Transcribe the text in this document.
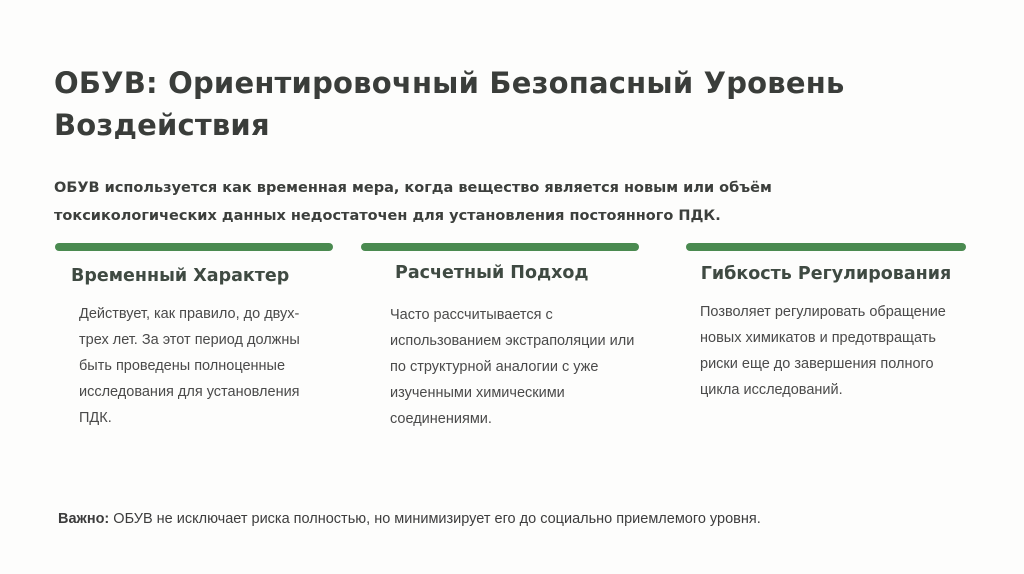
ОБУВ: Ориентировочный Безопасный Уровень Воздействия

ОБУВ используется как временная мера, когда вещество является новым или объём токсикологических данных недостаточен для установления постоянного ПДК.

Временный Характер

Действует, как правило, до двух-трех лет. За этот период должны быть проведены полноценные исследования для установления ПДК.

Расчетный Подход

Часто рассчитывается с использованием экстраполяции или по структурной аналогии с уже изученными химическими соединениями.

Гибкость Регулирования

Позволяет регулировать обращение новых химикатов и предотвращать риски еще до завершения полного цикла исследований.

Важно: ОБУВ не исключает риска полностью, но минимизирует его до социально приемлемого уровня.
